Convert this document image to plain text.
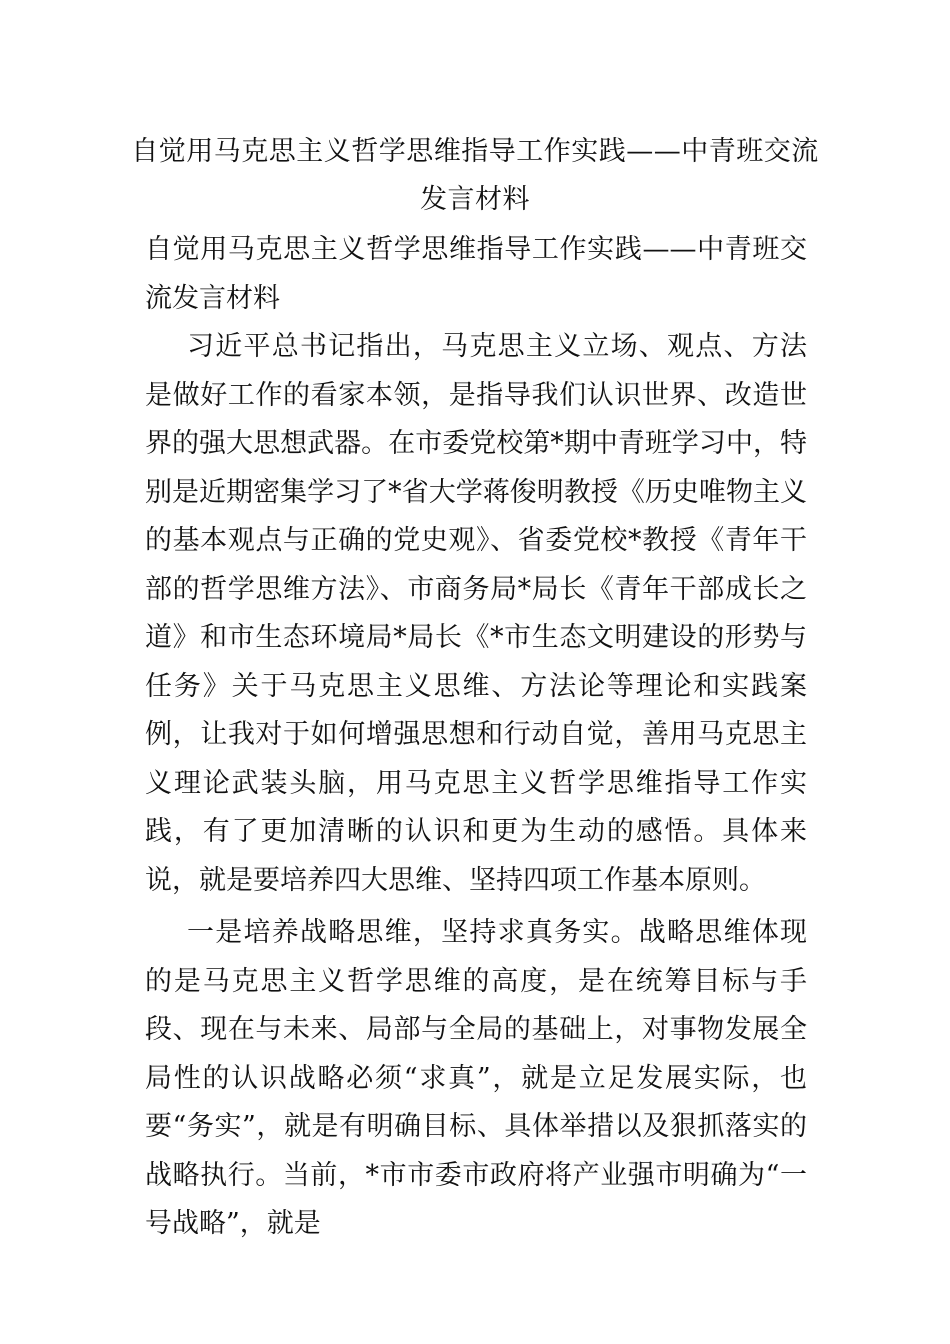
自觉用马克思主义哲学思维指导工作实践——中青班交流发言材料

自觉用马克思主义哲学思维指导工作实践——中青班交流发言材料

习近平总书记指出，马克思主义立场、观点、方法是做好工作的看家本领，是指导我们认识世界、改造世界的强大思想武器。在市委党校第*期中青班学习中，特别是近期密集学习了*省大学蒋俊明教授《历史唯物主义的基本观点与正确的党史观》、省委党校*教授《青年干部的哲学思维方法》、市商务局*局长《青年干部成长之道》和市生态环境局*局长《*市生态文明建设的形势与任务》关于马克思主义思维、方法论等理论和实践案例，让我对于如何增强思想和行动自觉，善用马克思主义理论武装头脑，用马克思主义哲学思维指导工作实践，有了更加清晰的认识和更为生动的感悟。具体来说，就是要培养四大思维、坚持四项工作基本原则。

一是培养战略思维，坚持求真务实。战略思维体现的是马克思主义哲学思维的高度，是在统筹目标与手段、现在与未来、局部与全局的基础上，对事物发展全局性的认识战略必须“求真”，就是立足发展实际，也要“务实”，就是有明确目标、具体举措以及狠抓落实的战略执行。当前，*市市委市政府将产业强市明确为“一号战略”，就是
